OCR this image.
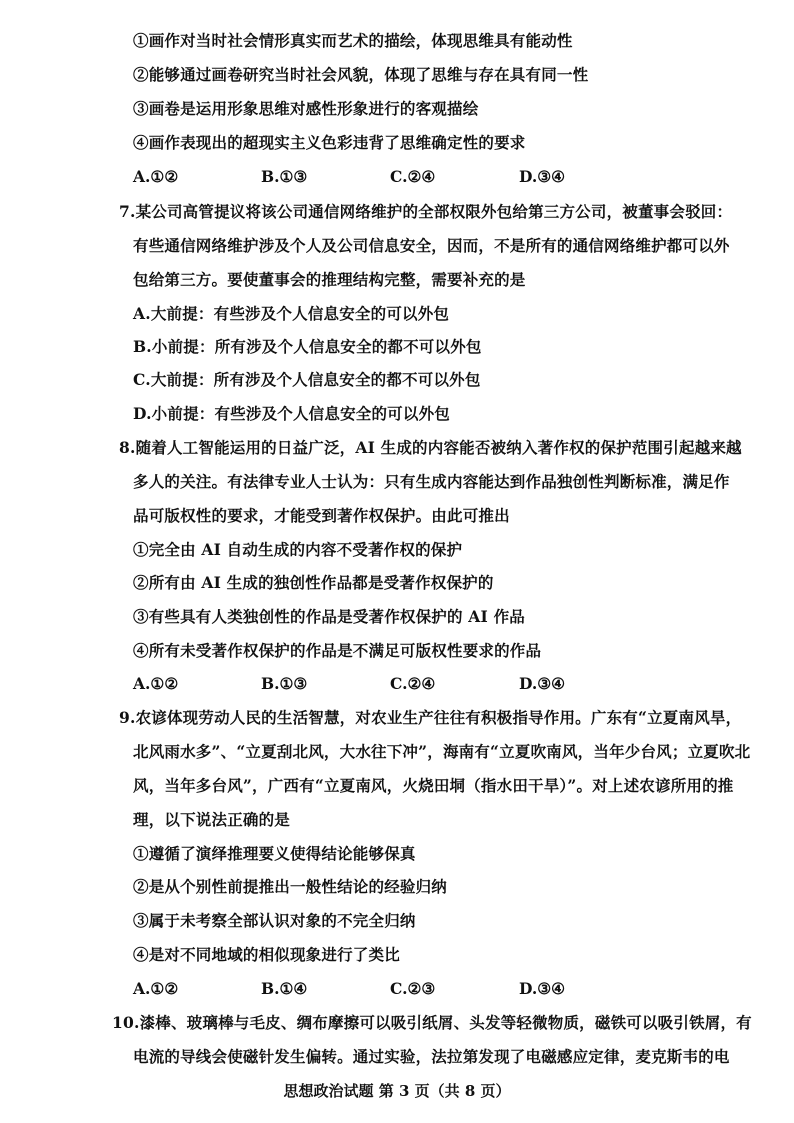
①画作对当时社会情形真实而艺术的描绘，体现思维具有能动性
②能够通过画卷研究当时社会风貌，体现了思维与存在具有同一性
③画卷是运用形象思维对感性形象进行的客观描绘
④画作表现出的超现实主义色彩违背了思维确定性的要求
A.①②	B.①③	C.②④	D.③④
7.某公司高管提议将该公司通信网络维护的全部权限外包给第三方公司，被董事会驳回：
有些通信网络维护涉及个人及公司信息安全，因而，不是所有的通信网络维护都可以外
包给第三方。要使董事会的推理结构完整，需要补充的是
A.大前提：有些涉及个人信息安全的可以外包
B.小前提：所有涉及个人信息安全的都不可以外包
C.大前提：所有涉及个人信息安全的都不可以外包
D.小前提：有些涉及个人信息安全的可以外包
8.随着人工智能运用的日益广泛，AI 生成的内容能否被纳入著作权的保护范围引起越来越
多人的关注。有法律专业人士认为：只有生成内容能达到作品独创性判断标准，满足作
品可版权性的要求，才能受到著作权保护。由此可推出
①完全由 AI 自动生成的内容不受著作权的保护
②所有由 AI 生成的独创性作品都是受著作权保护的
③有些具有人类独创性的作品是受著作权保护的 AI 作品
④所有未受著作权保护的作品是不满足可版权性要求的作品
A.①②	B.①③	C.②④	D.③④
9.农谚体现劳动人民的生活智慧，对农业生产往往有积极指导作用。广东有“立夏南风旱，
北风雨水多”、“立夏刮北风，大水往下冲”，海南有“立夏吹南风，当年少台风；立夏吹北
风，当年多台风”，广西有“立夏南风，火烧田垌（指水田干旱）”。对上述农谚所用的推
理，以下说法正确的是
①遵循了演绎推理要义使得结论能够保真
②是从个别性前提推出一般性结论的经验归纳
③属于未考察全部认识对象的不完全归纳
④是对不同地域的相似现象进行了类比
A.①②	B.①④	C.②③	D.③④
10.漆棒、玻璃棒与毛皮、绸布摩擦可以吸引纸屑、头发等轻微物质，磁铁可以吸引铁屑，有
电流的导线会使磁针发生偏转。通过实验，法拉第发现了电磁感应定律，麦克斯韦的电
思想政治试题 第 3 页（共 8 页）
